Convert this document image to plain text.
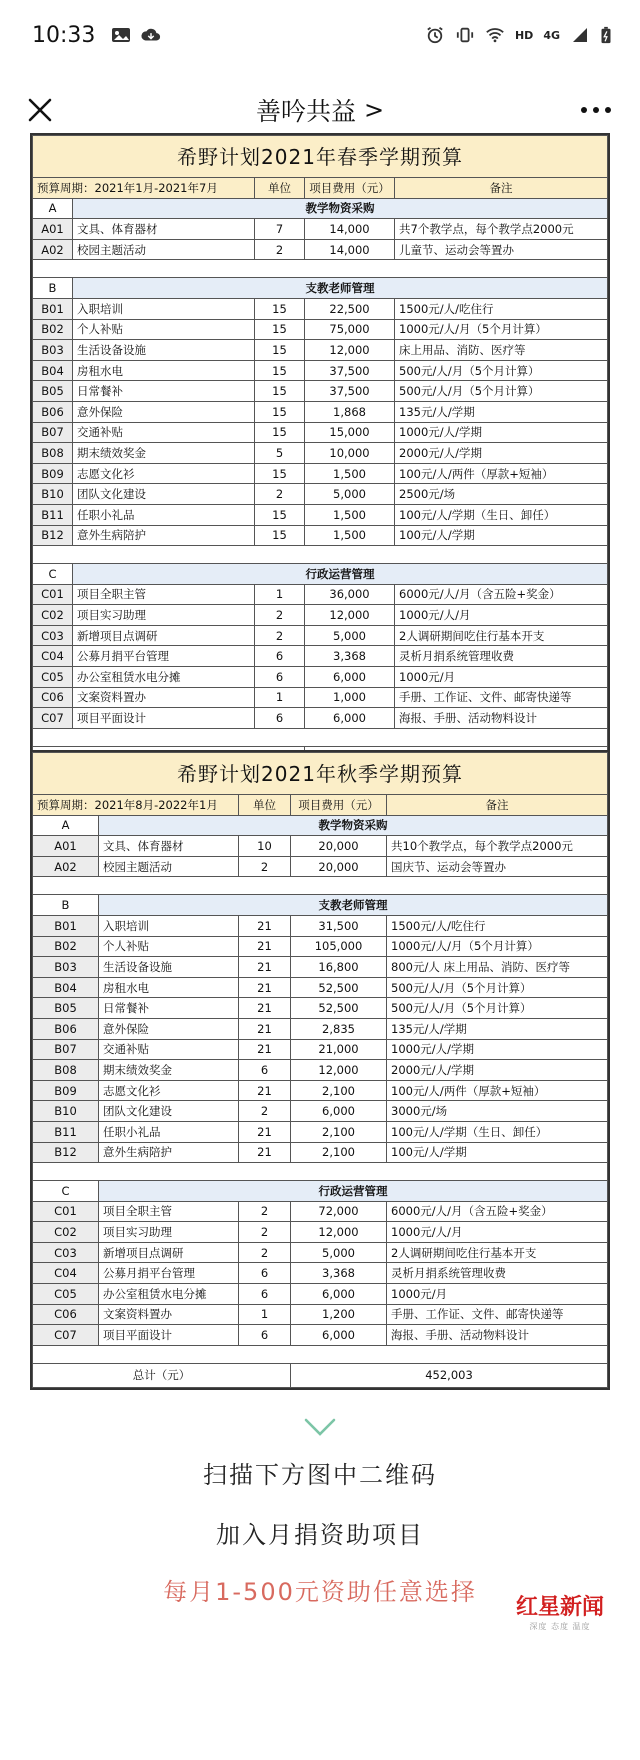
10:33	HD 4G
善吟共益 >
希野计划2021年春季学期预算				
预算周期：2021年1月-2021年7月		单位	项目费用（元）	备注
A	教学物资采购			
A01	文具、体育器材	7	14,000	共7个教学点，每个教学点2000元
A02	校园主题活动	2	14,000	儿童节、运动会等置办

B	支教老师管理			
B01	入职培训	15	22,500	1500元/人/吃住行
B02	个人补贴	15	75,000	1000元/人/月（5个月计算）
B03	生活设备设施	15	12,000	床上用品、消防、医疗等
B04	房租水电	15	37,500	500元/人/月（5个月计算）
B05	日常餐补	15	37,500	500元/人/月（5个月计算）
B06	意外保险	15	1,868	135元/人/学期
B07	交通补贴	15	15,000	1000元/人/学期
B08	期末绩效奖金	5	10,000	2000元/人/学期
B09	志愿文化衫	15	1,500	100元/人/两件（厚款+短袖）
B10	团队文化建设	2	5,000	2500元/场
B11	任职小礼品	15	1,500	100元/人/学期（生日、卸任）
B12	意外生病陪护	15	1,500	100元/人/学期

C	行政运营管理			
C01	项目全职主管	1	36,000	6000元/人/月（含五险+奖金）
C02	项目实习助理	2	12,000	1000元/人/月
C03	新增项目点调研	2	5,000	2人调研期间吃住行基本开支
C04	公募月捐平台管理	6	3,368	灵析月捐系统管理收费
C05	办公室租赁水电分摊	6	6,000	1000元/月
C06	文案资料置办	1	1,000	手册、工作证、文件、邮寄快递等
C07	项目平面设计	6	6,000	海报、手册、活动物料设计

希野计划2021年秋季学期预算				
预算周期：2021年8月-2022年1月		单位	项目费用（元）	备注
A	教学物资采购			
A01	文具、体育器材	10	20,000	共10个教学点，每个教学点2000元
A02	校园主题活动	2	20,000	国庆节、运动会等置办

B	支教老师管理			
B01	入职培训	21	31,500	1500元/人/吃住行
B02	个人补贴	21	105,000	1000元/人/月（5个月计算）
B03	生活设备设施	21	16,800	800元/人 床上用品、消防、医疗等
B04	房租水电	21	52,500	500元/人/月（5个月计算）
B05	日常餐补	21	52,500	500元/人/月（5个月计算）
B06	意外保险	21	2,835	135元/人/学期
B07	交通补贴	21	21,000	1000元/人/学期
B08	期末绩效奖金	6	12,000	2000元/人/学期
B09	志愿文化衫	21	2,100	100元/人/两件（厚款+短袖）
B10	团队文化建设	2	6,000	3000元/场
B11	任职小礼品	21	2,100	100元/人/学期（生日、卸任）
B12	意外生病陪护	21	2,100	100元/人/学期

C	行政运营管理			
C01	项目全职主管	2	72,000	6000元/人/月（含五险+奖金）
C02	项目实习助理	2	12,000	1000元/人/月
C03	新增项目点调研	2	5,000	2人调研期间吃住行基本开支
C04	公募月捐平台管理	6	3,368	灵析月捐系统管理收费
C05	办公室租赁水电分摊	6	6,000	1000元/月
C06	文案资料置办	1	1,200	手册、工作证、文件、邮寄快递等
C07	项目平面设计	6	6,000	海报、手册、活动物料设计

总计（元）			452,003	
扫描下方图中二维码
加入月捐资助项目
每月1-500元资助任意选择
红星新闻
深度 态度 温度
